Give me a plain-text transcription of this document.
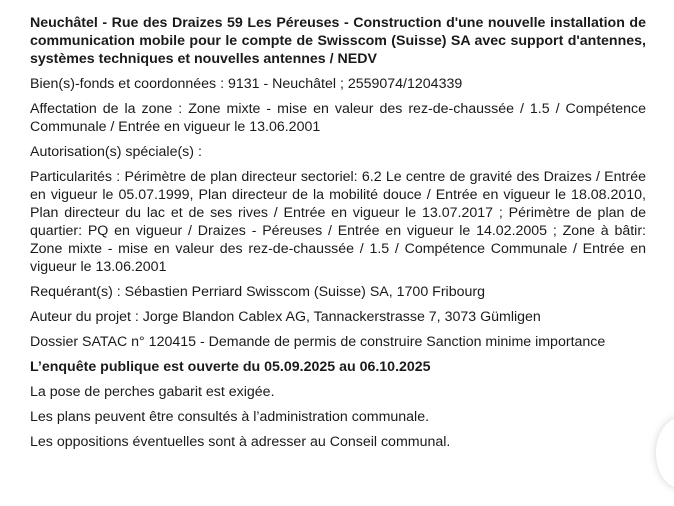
Neuchâtel - Rue des Draizes 59 Les Péreuses - Construction d'une nouvelle installation de communication mobile pour le compte de Swisscom (Suisse) SA avec support d'antennes, systèmes techniques et nouvelles antennes / NEDV

Bien(s)-fonds et coordonnées : 9131 - Neuchâtel ; 2559074/1204339

Affectation de la zone : Zone mixte - mise en valeur des rez-de-chaussée / 1.5 / Compétence Communale / Entrée en vigueur le 13.06.2001

Autorisation(s) spéciale(s) :

Particularités : Périmètre de plan directeur sectoriel: 6.2 Le centre de gravité des Draizes / Entrée en vigueur le 05.07.1999, Plan directeur de la mobilité douce / Entrée en vigueur le 18.08.2010, Plan directeur du lac et de ses rives / Entrée en vigueur le 13.07.2017 ; Périmètre de plan de quartier: PQ en vigueur / Draizes - Péreuses / Entrée en vigueur le 14.02.2005 ; Zone à bâtir: Zone mixte - mise en valeur des rez-de-chaussée / 1.5 / Compétence Communale / Entrée en vigueur le 13.06.2001

Requérant(s) : Sébastien Perriard Swisscom (Suisse) SA, 1700 Fribourg

Auteur du projet : Jorge Blandon Cablex AG, Tannackerstrasse 7, 3073 Gümligen

Dossier SATAC n° 120415 - Demande de permis de construire Sanction minime importance

L’enquête publique est ouverte du 05.09.2025 au 06.10.2025

La pose de perches gabarit est exigée.

Les plans peuvent être consultés à l’administration communale.

Les oppositions éventuelles sont à adresser au Conseil communal.
